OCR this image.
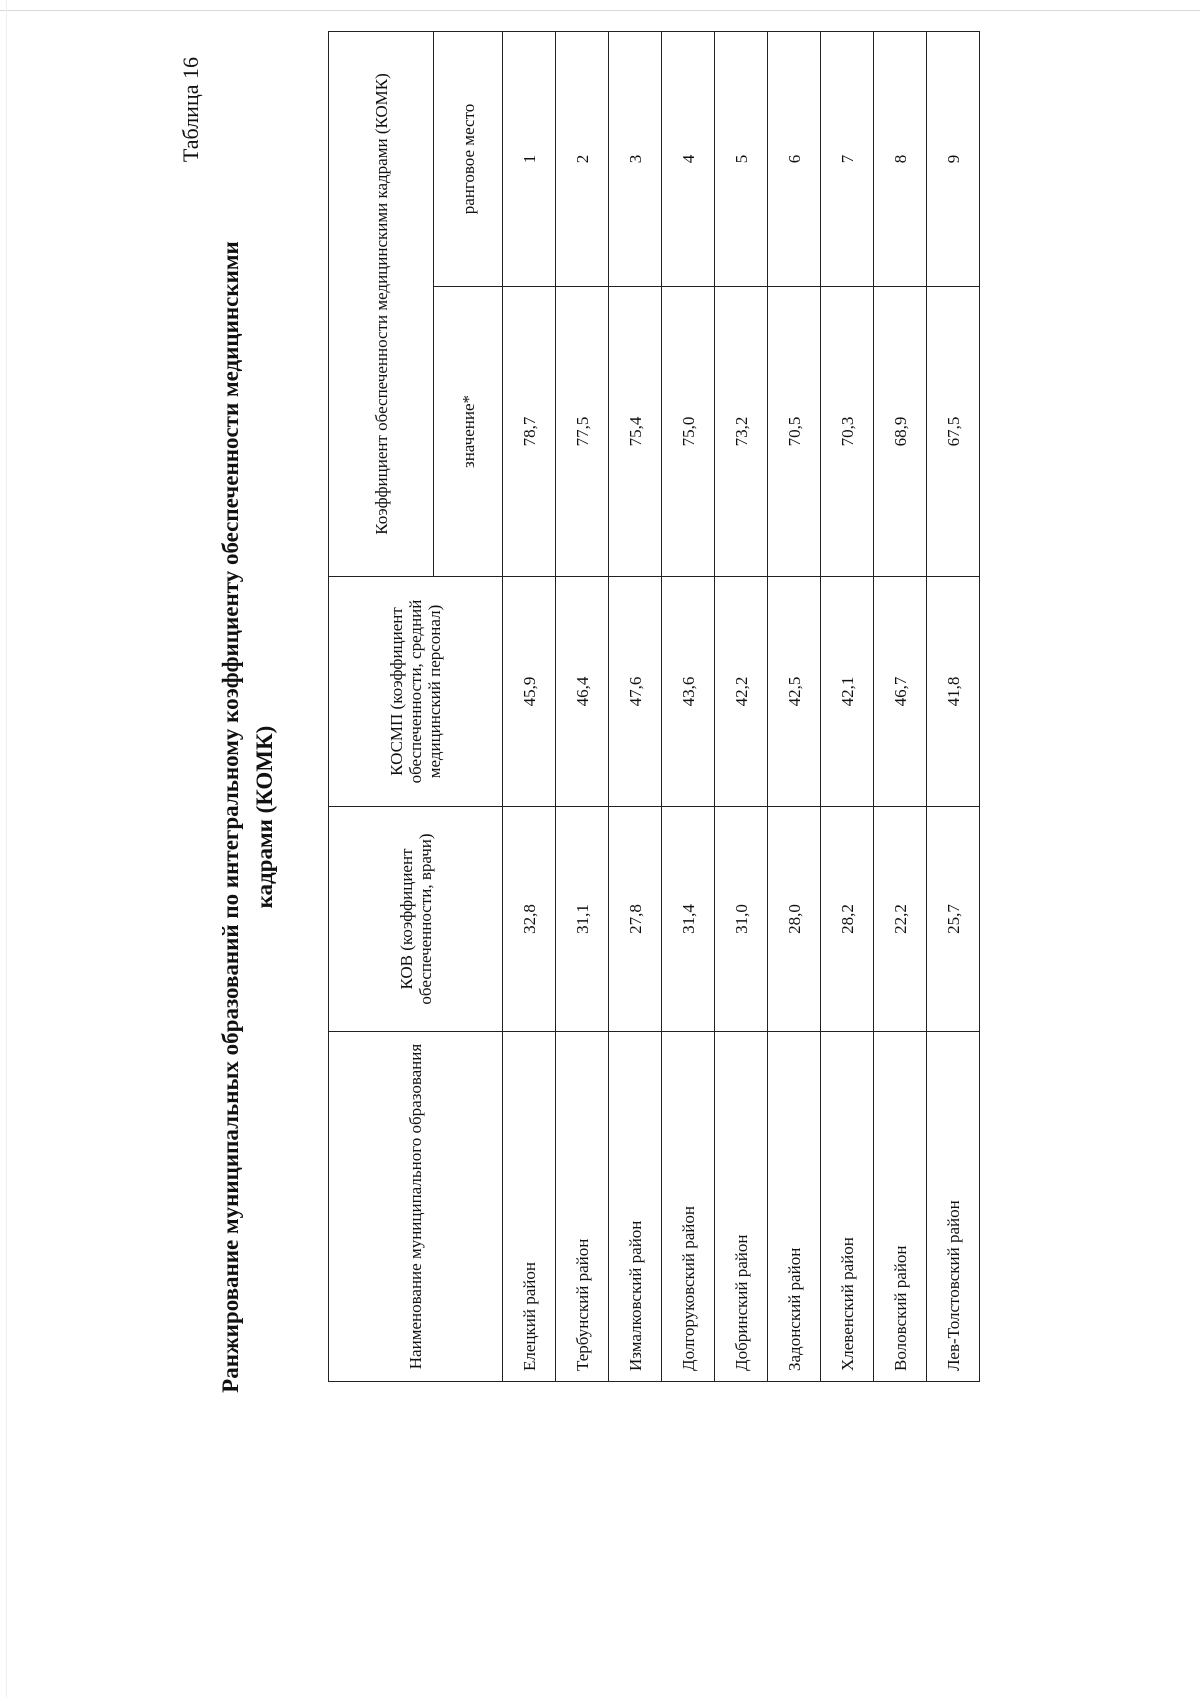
Таблица 16
Ранжирование муниципальных образований по интегральному коэффициенту обеспеченности медицинскими кадрами (КОМК)
Наименование муниципального образования	КОВ (коэффициент обеспеченности, врачи)	КОСМП (коэффициент обеспеченности, средний медицинский персонал)	Коэффициент обеспеченности медицинскими кадрами (КОМК)	
			значение*	ранговое место
Елецкий район	32,8	45,9	78,7	1
Тербунский район	31,1	46,4	77,5	2
Измалковский район	27,8	47,6	75,4	3
Долгоруковский район	31,4	43,6	75,0	4
Добринский район	31,0	42,2	73,2	5
Задонский район	28,0	42,5	70,5	6
Хлевенский район	28,2	42,1	70,3	7
Воловский район	22,2	46,7	68,9	8
Лев-Толстовский район	25,7	41,8	67,5	9
